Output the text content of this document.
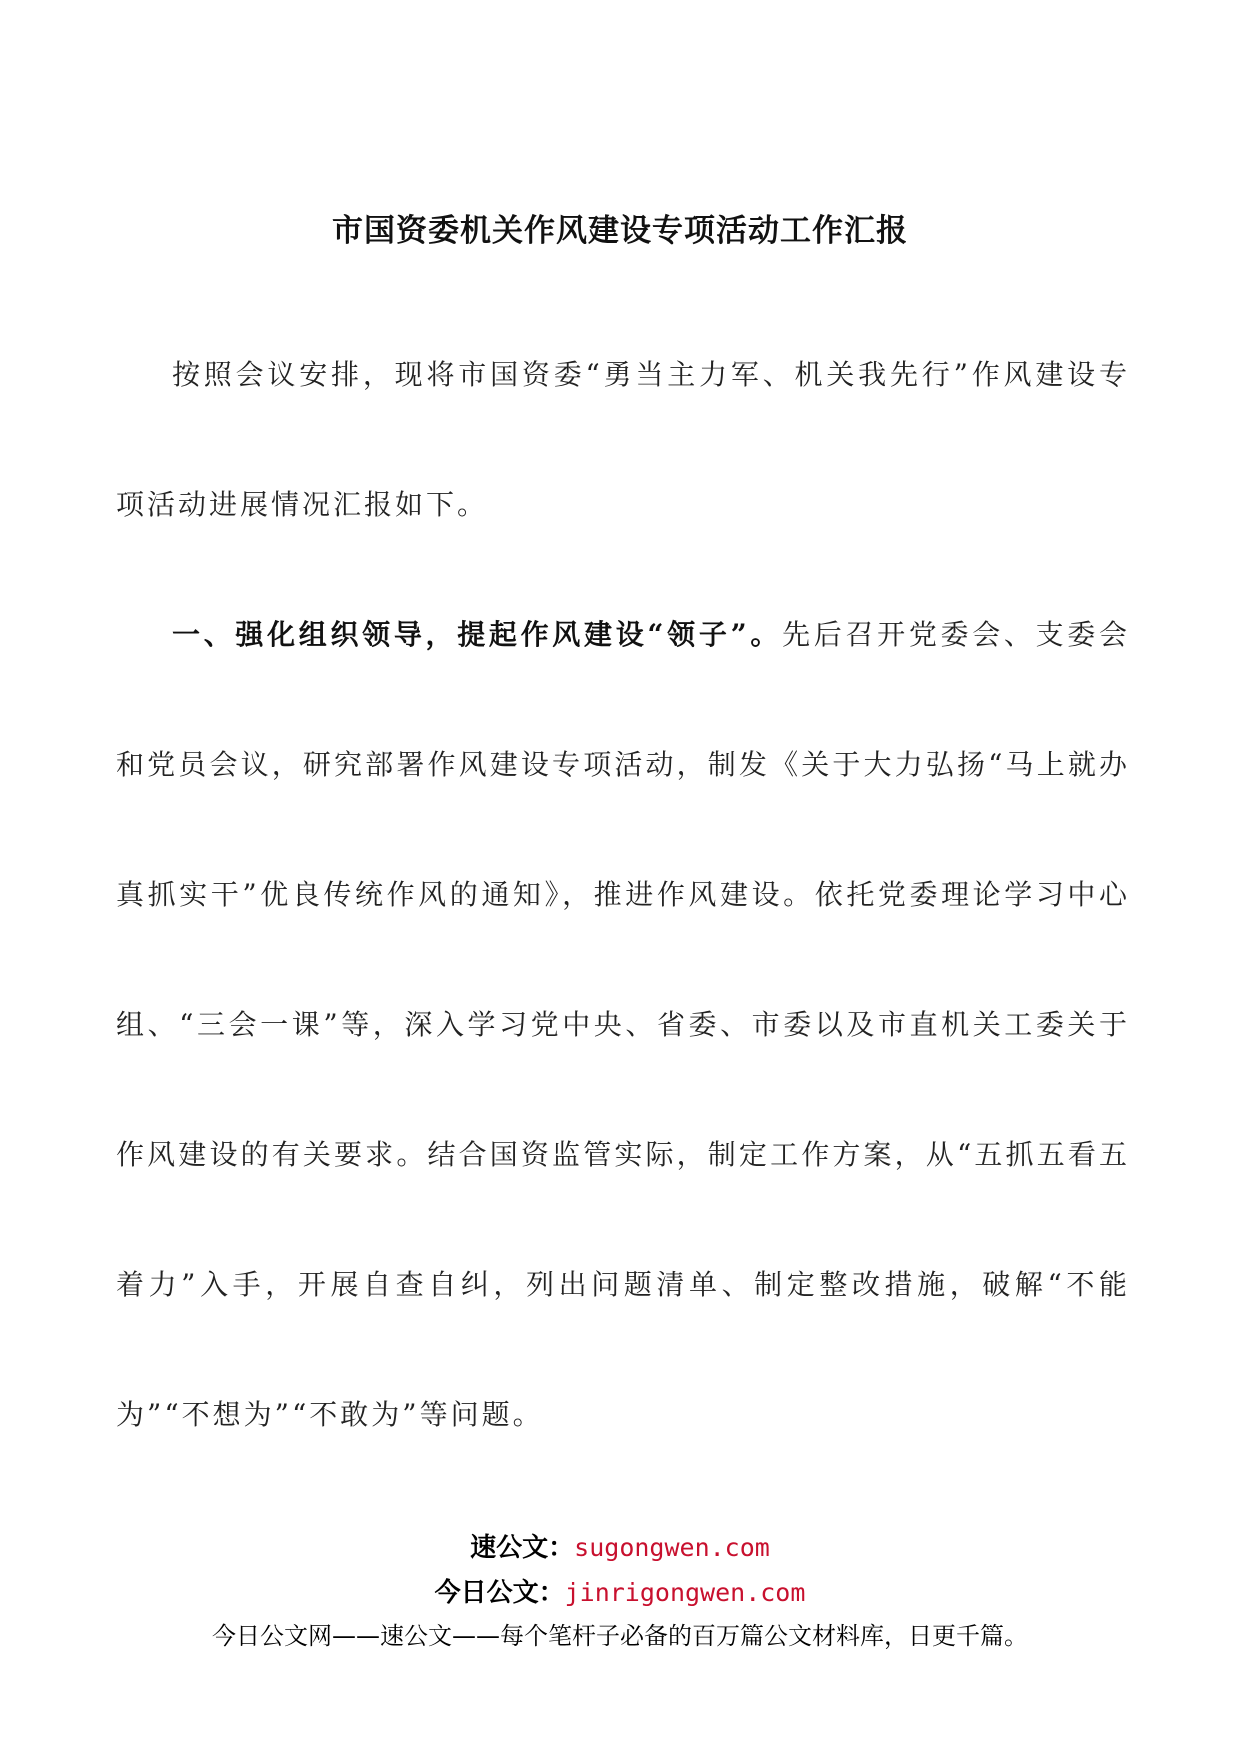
市国资委机关作风建设专项活动工作汇报

按照会议安排，现将市国资委“勇当主力军、机关我先行”作风建设专项活动进展情况汇报如下。

一、强化组织领导，提起作风建设“领子”。先后召开党委会、支委会和党员会议，研究部署作风建设专项活动，制发《关于大力弘扬“马上就办真抓实干”优良传统作风的通知》，推进作风建设。依托党委理论学习中心组、“三会一课”等，深入学习党中央、省委、市委以及市直机关工委关于作风建设的有关要求。结合国资监管实际，制定工作方案，从“五抓五看五着力”入手，开展自查自纠，列出问题清单、制定整改措施，破解“不能为”“不想为”“不敢为”等问题。

速公文：sugongwen.com
今日公文：jinrigongwen.com
今日公文网——速公文——每个笔杆子必备的百万篇公文材料库，日更千篇。
